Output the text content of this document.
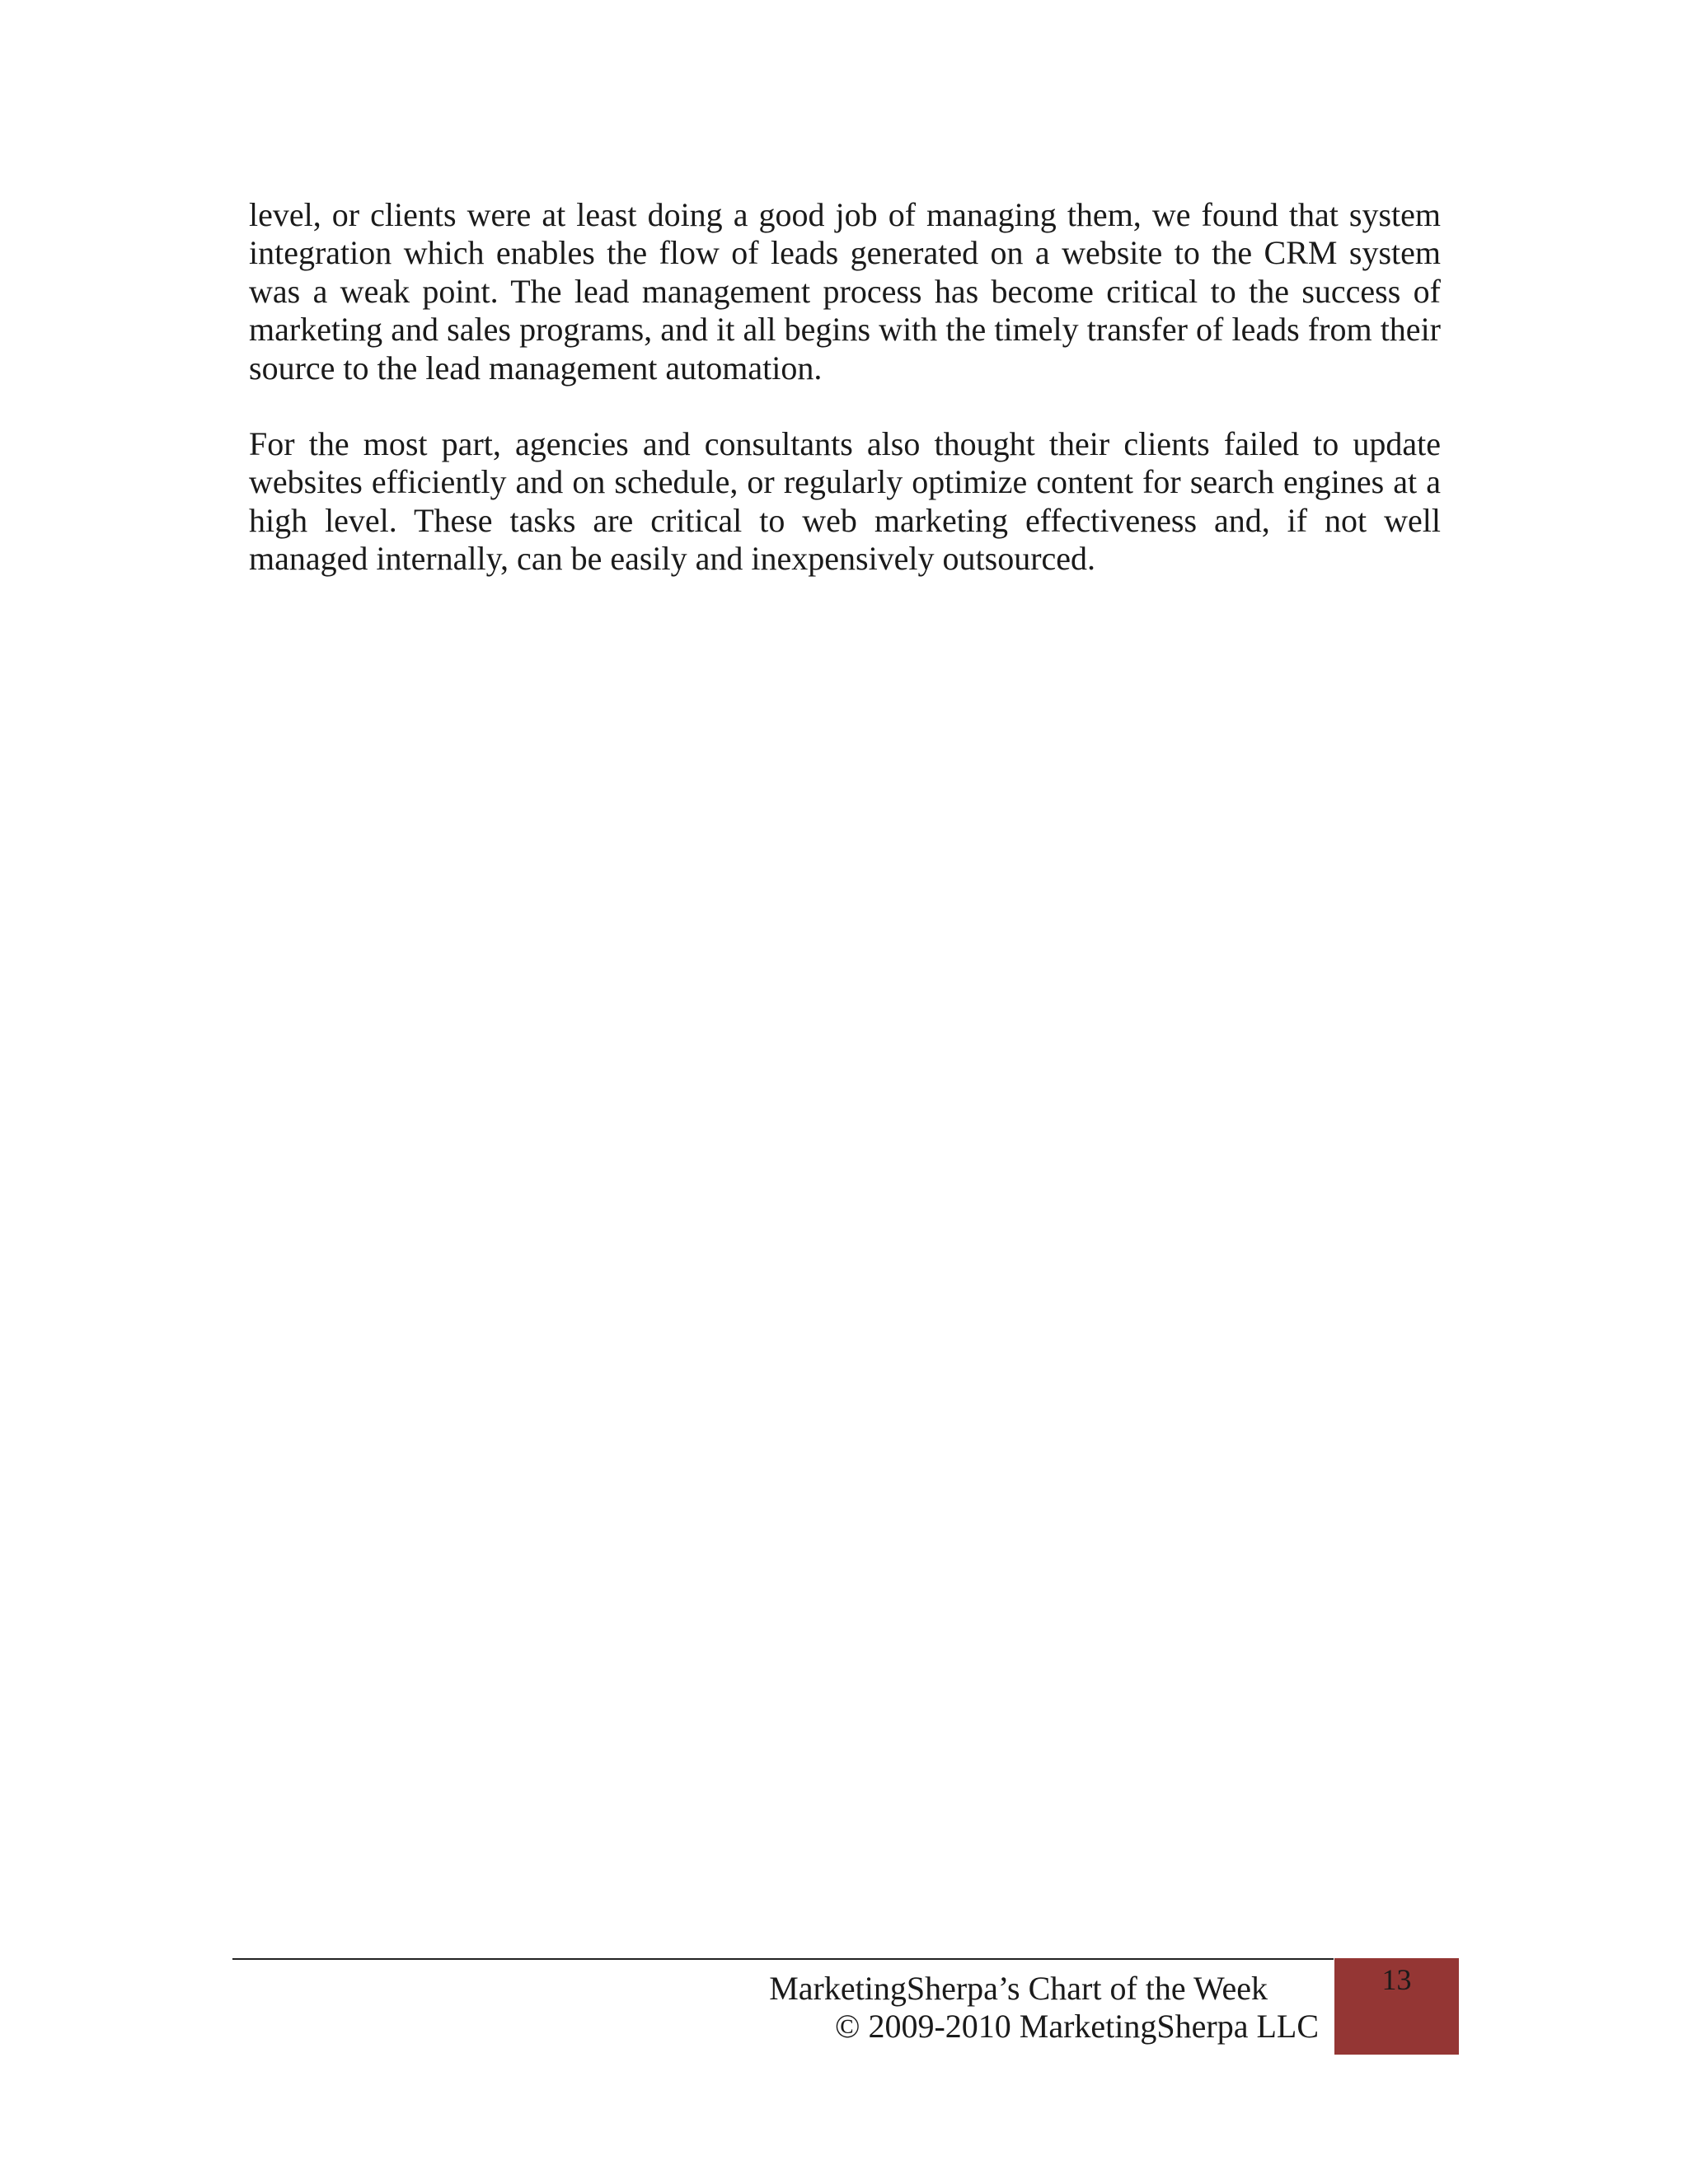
level, or clients were at least doing a good job of managing them, we found that system integration which enables the flow of leads generated on a website to the CRM system was a weak point. The lead management process has become critical to the success of marketing and sales programs, and it all begins with the timely transfer of leads from their source to the lead management automation.

For the most part, agencies and consultants also thought their clients failed to update websites efficiently and on schedule, or regularly optimize content for search engines at a high level. These tasks are critical to web marketing effectiveness and, if not well managed internally, can be easily and inexpensively outsourced.

MarketingSherpa’s Chart of the Week
© 2009-2010 MarketingSherpa LLC
13
